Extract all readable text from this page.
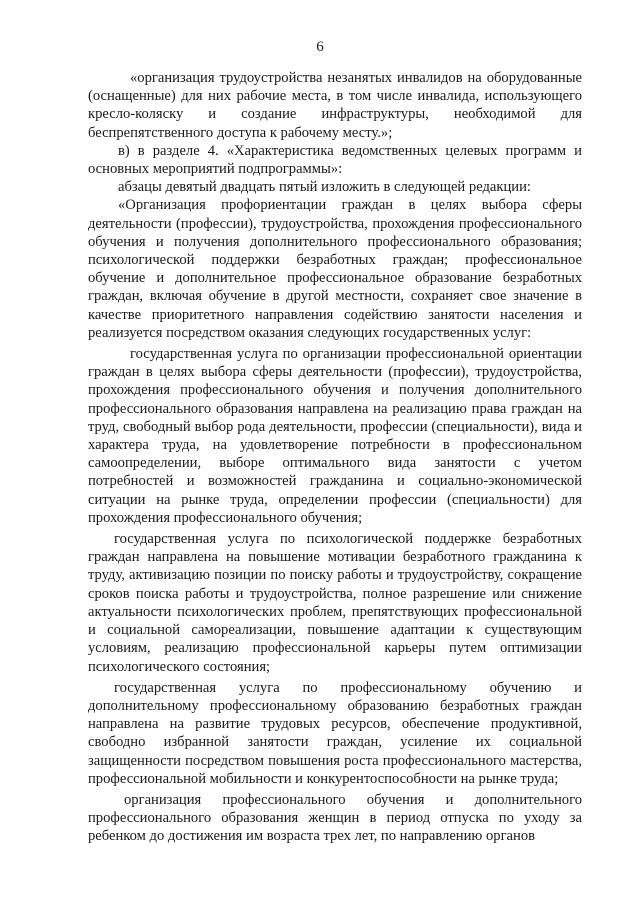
6

«организация трудоустройства незанятых инвалидов на оборудованные (оснащенные) для них рабочие места, в том числе инвалида, использующего кресло-коляску и создание инфраструктуры, необходимой для беспрепятственного доступа к рабочему месту.»;

в) в разделе 4. «Характеристика ведомственных целевых программ и основных мероприятий подпрограммы»:

абзацы девятый двадцать пятый изложить в следующей редакции:

«Организация профориентации граждан в целях выбора сферы деятельности (профессии), трудоустройства, прохождения профессионального обучения и получения дополнительного профессионального образования; психологической поддержки безработных граждан; профессиональное обучение и дополнительное профессиональное образование безработных граждан, включая обучение в другой местности, сохраняет свое значение в качестве приоритетного направления содействию занятости населения и реализуется посредством оказания следующих государственных услуг:

государственная услуга по организации профессиональной ориентации граждан в целях выбора сферы деятельности (профессии), трудоустройства, прохождения профессионального обучения и получения дополнительного профессионального образования направлена на реализацию права граждан на труд, свободный выбор рода деятельности, профессии (специальности), вида и характера труда, на удовлетворение потребности в профессиональном самоопределении, выборе оптимального вида занятости с учетом потребностей и возможностей гражданина и социально-экономической ситуации на рынке труда, определении профессии (специальности) для прохождения профессионального обучения;

государственная услуга по психологической поддержке безработных граждан направлена на повышение мотивации безработного гражданина к труду, активизацию позиции по поиску работы и трудоустройству, сокращение сроков поиска работы и трудоустройства, полное разрешение или снижение актуальности психологических проблем, препятствующих профессиональной и социальной самореализации, повышение адаптации к существующим условиям, реализацию профессиональной карьеры путем оптимизации психологического состояния;

государственная услуга по профессиональному обучению и дополнительному профессиональному образованию безработных граждан направлена на развитие трудовых ресурсов, обеспечение продуктивной, свободно избранной занятости граждан, усиление их социальной защищенности посредством повышения роста профессионального мастерства, профессиональной мобильности и конкурентоспособности на рынке труда;

организация профессионального обучения и дополнительного профессионального образования женщин в период отпуска по уходу за ребенком до достижения им возраста трех лет, по направлению органов
